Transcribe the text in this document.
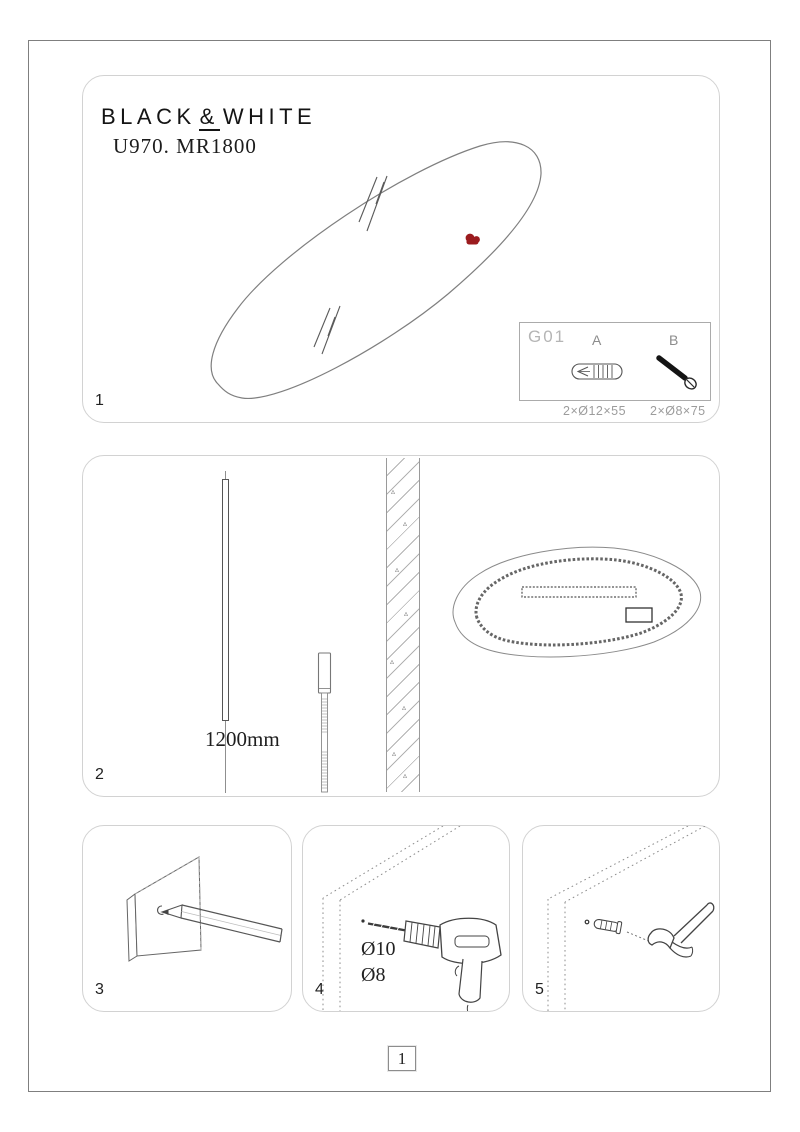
BLACK & WHITE
U970. MR1800
G01 A	B
2×Ø12×55 2×Ø8×75
1
1200mm
▵
▵
▵
▵
▵
▵
▵
▵
2
3
Ø10
Ø8
4	5
1
